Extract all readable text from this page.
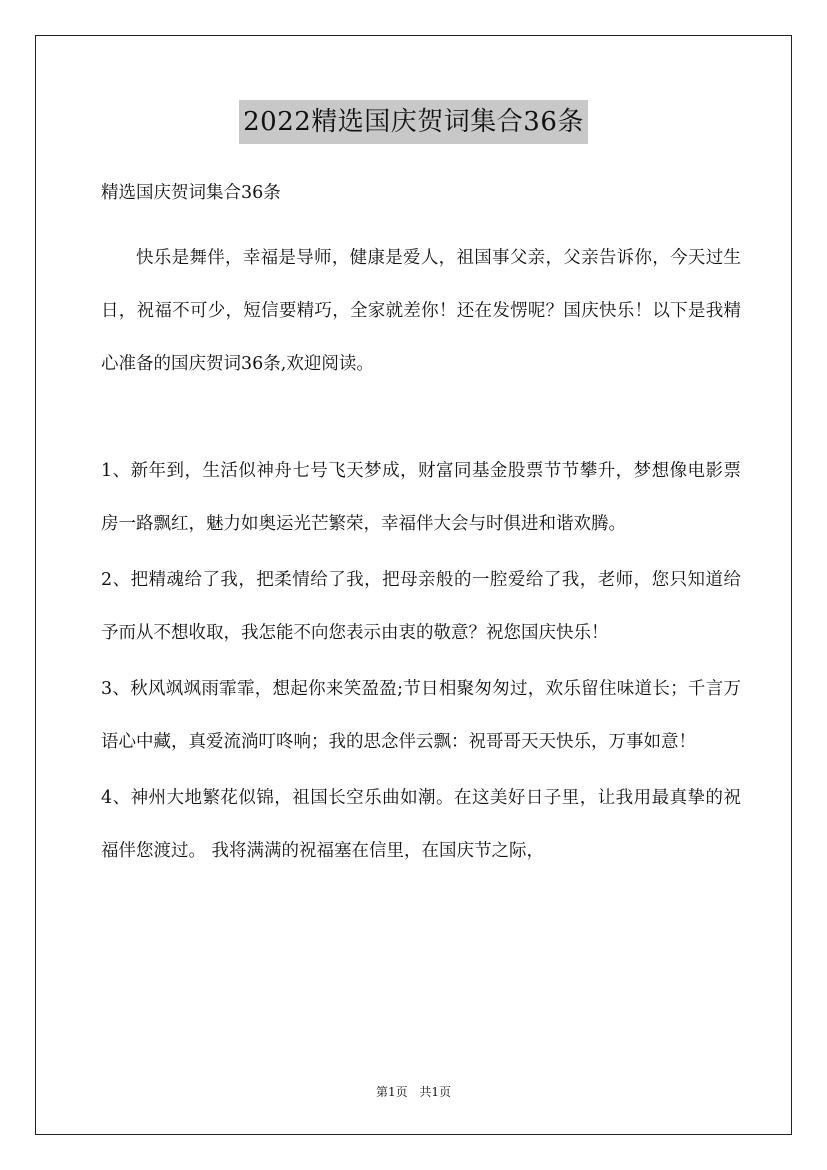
2022精选国庆贺词集合36条
精选国庆贺词集合36条

快乐是舞伴，幸福是导师，健康是爱人，祖国事父亲，父亲告诉你，今天过生日，祝福不可少，短信要精巧，全家就差你！还在发愣呢？国庆快乐！以下是我精心准备的国庆贺词36条,欢迎阅读。

1、新年到，生活似神舟七号飞天梦成，财富同基金股票节节攀升，梦想像电影票房一路飘红，魅力如奥运光芒繁荣，幸福伴大会与时俱进和谐欢腾。

2、把精魂给了我，把柔情给了我，把母亲般的一腔爱给了我，老师，您只知道给予而从不想收取，我怎能不向您表示由衷的敬意？祝您国庆快乐！

3、秋风飒飒雨霏霏，想起你来笑盈盈;节日相聚匆匆过，欢乐留住味道长；千言万语心中藏，真爱流淌叮咚响；我的思念伴云飘：祝哥哥天天快乐，万事如意！

4、神州大地繁花似锦，祖国长空乐曲如潮。在这美好日子里，让我用最真挚的祝福伴您渡过。 我将满满的祝福塞在信里，在国庆节之际，

第1页 共1页
